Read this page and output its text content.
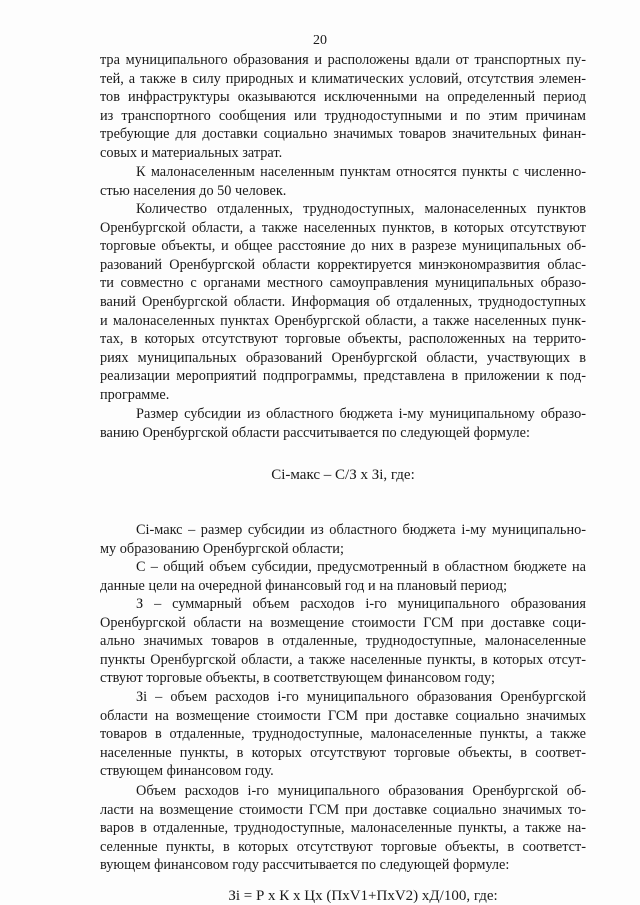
20
тра муниципального образования и расположены вдали от транспортных пу-
тей, а также в силу природных и климатических условий, отсутствия элемен-
тов инфраструктуры оказываются исключенными на определенный период
из транспортного сообщения или труднодоступными и по этим причинам
требующие для доставки социально значимых товаров значительных финан-
совых и материальных затрат.
К малонаселенным населенным пунктам относятся пункты с численно-
стью населения до 50 человек.
Количество отдаленных, труднодоступных, малонаселенных пунктов
Оренбургской области, а также населенных пунктов, в которых отсутствуют
торговые объекты, и общее расстояние до них в разрезе муниципальных об-
разований Оренбургской области корректируется минэкономразвития облас-
ти совместно с органами местного самоуправления муниципальных образо-
ваний Оренбургской области. Информация об отдаленных, труднодоступных
и малонаселенных пунктах Оренбургской области, а также населенных пунк-
тах, в которых отсутствуют торговые объекты, расположенных на террито-
риях муниципальных образований Оренбургской области, участвующих в
реализации мероприятий подпрограммы, представлена в приложении к под-
программе.
Размер субсидии из областного бюджета i-му муниципальному образо-
ванию Оренбургской области рассчитывается по следующей формуле:
Сi-макс – С/З х Зi, где:
Сi-макс – размер субсидии из областного бюджета i-му муниципально-
му образованию Оренбургской области;
С – общий объем субсидии, предусмотренный в областном бюджете на
данные цели на очередной финансовый год и на плановый период;
З – суммарный объем расходов i-го муниципального образования
Оренбургской области на возмещение стоимости ГСМ при доставке соци-
ально значимых товаров в отдаленные, труднодоступные, малонаселенные
пункты Оренбургской области, а также населенные пункты, в которых отсут-
ствуют торговые объекты, в соответствующем финансовом году;
Зi – объем расходов i-го муниципального образования Оренбургской
области на возмещение стоимости ГСМ при доставке социально значимых
товаров в отдаленные, труднодоступные, малонаселенные пункты, а также
населенные пункты, в которых отсутствуют торговые объекты, в соответ-
ствующем финансовом году.
Объем расходов i-го муниципального образования Оренбургской об-
ласти на возмещение стоимости ГСМ при доставке социально значимых то-
варов в отдаленные, труднодоступные, малонаселенные пункты, а также на-
селенные пункты, в которых отсутствуют торговые объекты, в соответст-
вующем финансовом году рассчитывается по следующей формуле:
Зi = Р х К х Цх (ПхV1+ПхV2) хД/100, где:
